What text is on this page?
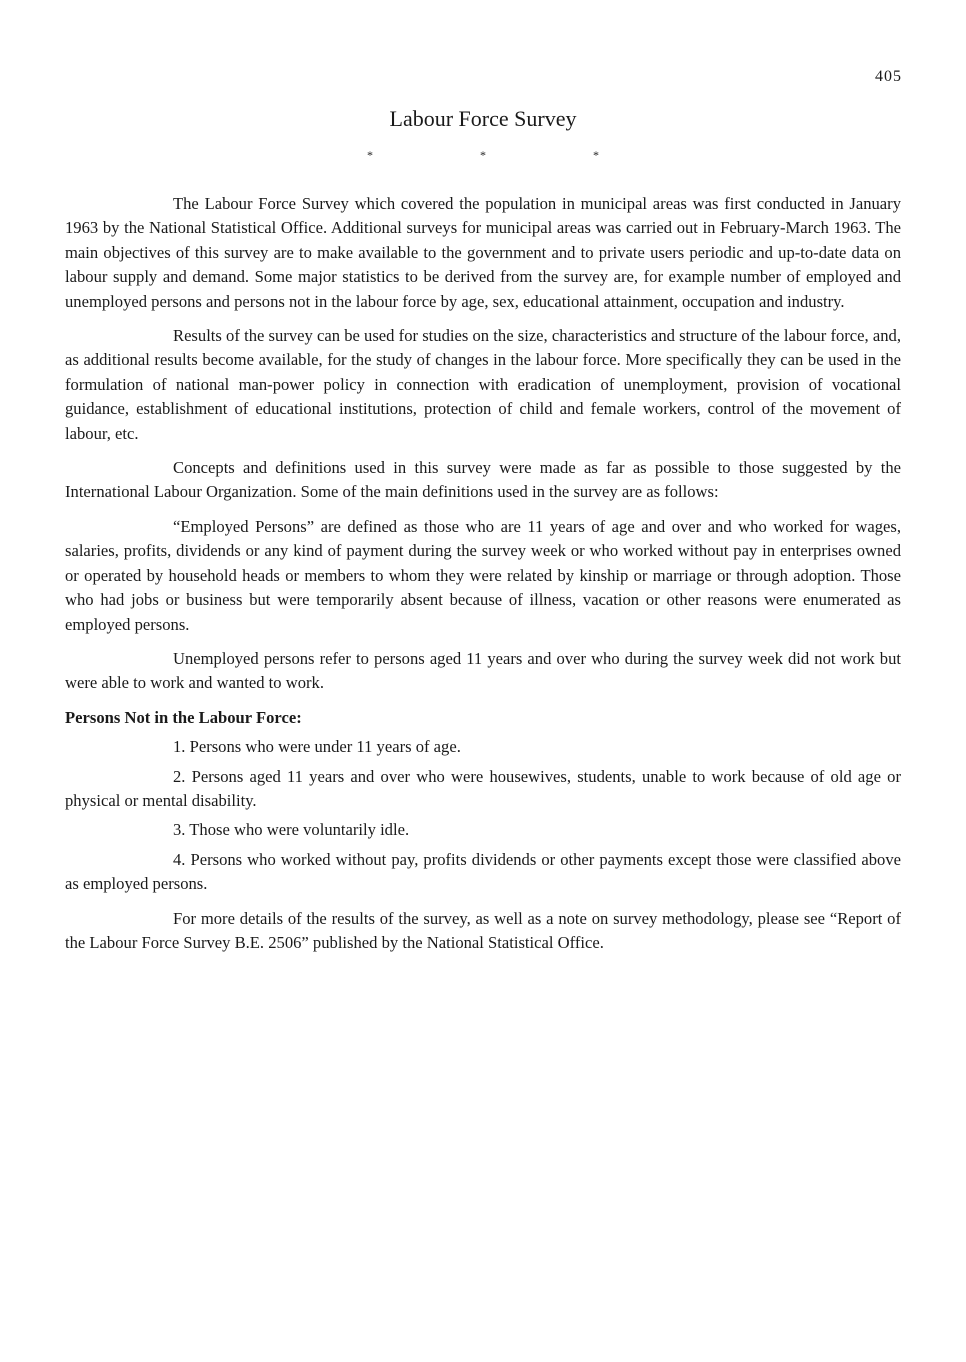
405
Labour Force Survey
* * *

The Labour Force Survey which covered the population in municipal areas was first conducted in January 1963 by the National Statistical Office. Additional surveys for municipal areas was carried out in February-March 1963. The main objectives of this survey are to make available to the government and to private users periodic and up-to-date data on labour supply and demand. Some major statistics to be derived from the survey are, for example number of employed and unemployed persons and persons not in the labour force by age, sex, educational attainment, occupation and industry.

Results of the survey can be used for studies on the size, characteristics and structure of the labour force, and, as additional results become available, for the study of changes in the labour force. More specifically they can be used in the formulation of national man-power policy in connection with eradication of unemployment, provision of vocational guidance, establishment of educational institutions, protection of child and female workers, control of the movement of labour, etc.

Concepts and definitions used in this survey were made as far as possible to those suggested by the International Labour Organization. Some of the main definitions used in the survey are as follows:

“Employed Persons” are defined as those who are 11 years of age and over and who worked for wages, salaries, profits, dividends or any kind of payment during the survey week or who worked without pay in enterprises owned or operated by household heads or members to whom they were related by kinship or marriage or through adoption. Those who had jobs or business but were temporarily absent because of illness, vacation or other reasons were enumerated as employed persons.

Unemployed persons refer to persons aged 11 years and over who during the survey week did not work but were able to work and wanted to work.

Persons Not in the Labour Force:

1. Persons who were under 11 years of age.

2. Persons aged 11 years and over who were housewives, students, unable to work because of old age or physical or mental disability.

3. Those who were voluntarily idle.

4. Persons who worked without pay, profits dividends or other payments except those were classified above as employed persons.

For more details of the results of the survey, as well as a note on survey methodology, please see “Report of the Labour Force Survey B.E. 2506” published by the National Statistical Office.
